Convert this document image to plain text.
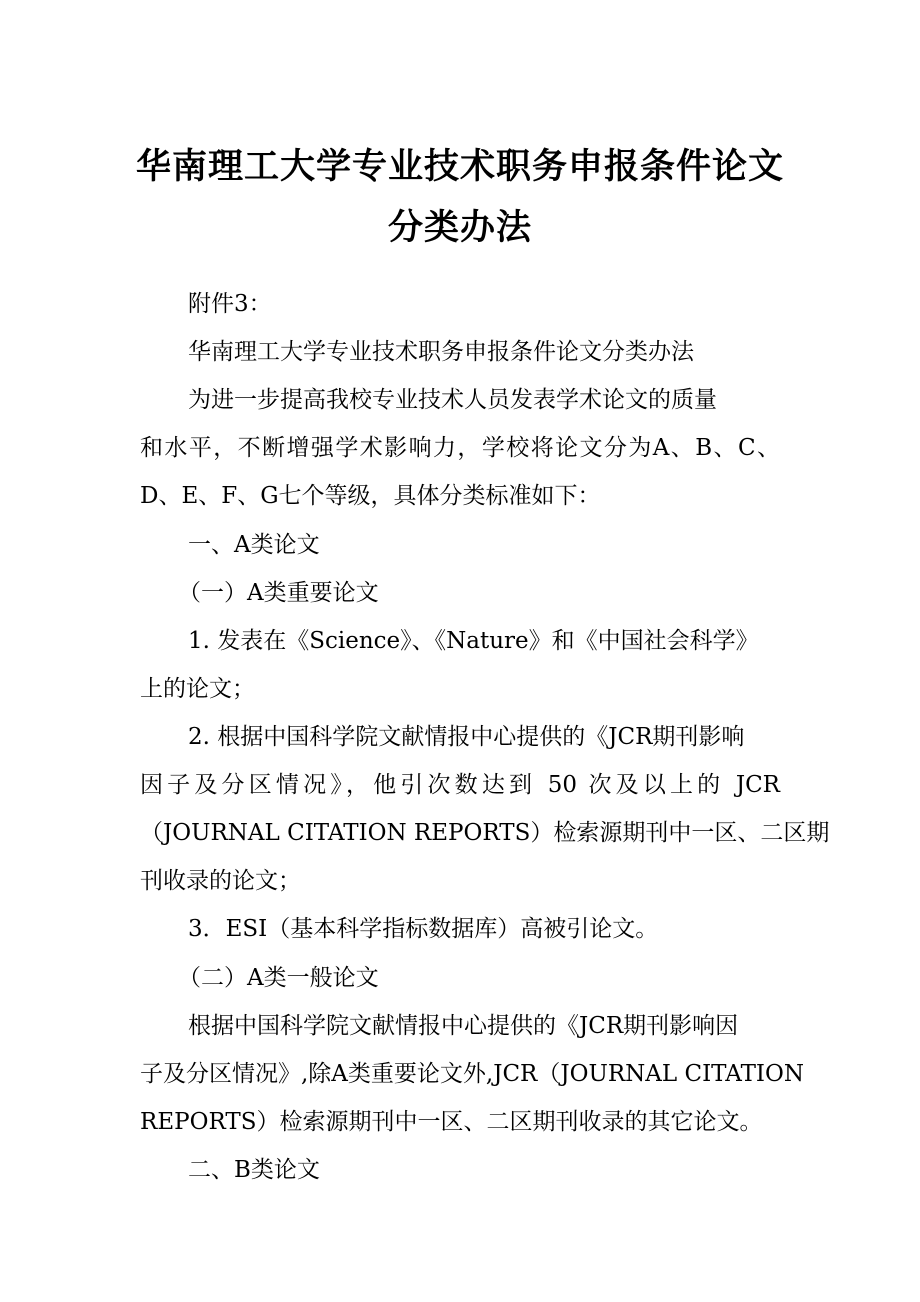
华南理工大学专业技术职务申报条件论文
分类办法
附件3：
华南理工大学专业技术职务申报条件论文分类办法
为进一步提高我校专业技术人员发表学术论文的质量
和水平，不断增强学术影响力，学校将论文分为A、B、C、
D、E、F、G七个等级，具体分类标准如下：
一、A类论文
（一）A类重要论文
1. 发表在《Science》、《Nature》和《中国社会科学》
上的论文；
2. 根据中国科学院文献情报中心提供的《JCR期刊影响
因子及分区情况》，他引次数达到 50 次及以上的 JCR
（JOURNAL CITATION REPORTS）检索源期刊中一区、二区期
刊收录的论文；
3．ESI（基本科学指标数据库）高被引论文。
（二）A类一般论文
根据中国科学院文献情报中心提供的《JCR期刊影响因
子及分区情况》,除A类重要论文外,JCR（JOURNAL CITATION
REPORTS）检索源期刊中一区、二区期刊收录的其它论文。
二、B类论文
